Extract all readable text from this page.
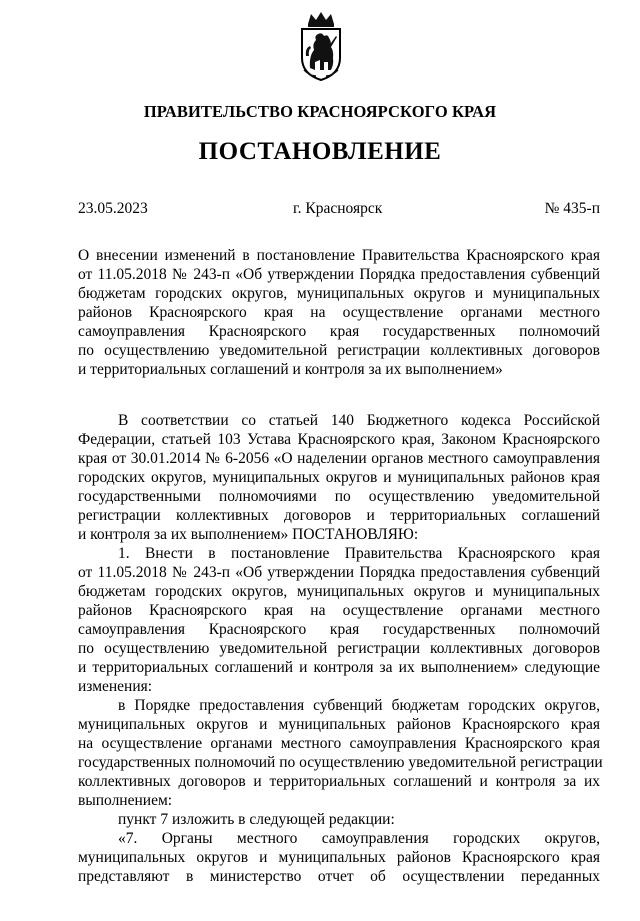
ПРАВИТЕЛЬСТВО КРАСНОЯРСКОГО КРАЯ
ПОСТАНОВЛЕНИЕ
23.05.2023	г. Красноярск	№ 435-п
О внесении изменений в постановление Правительства Красноярского края
от 11.05.2018 № 243-п «Об утверждении Порядка предоставления субвенций
бюджетам городских округов, муниципальных округов и муниципальных
районов Красноярского края на осуществление органами местного
самоуправления Красноярского края государственных полномочий
по осуществлению уведомительной регистрации коллективных договоров
и территориальных соглашений и контроля за их выполнением»
В соответствии со статьей 140 Бюджетного кодекса Российской
Федерации, статьей 103 Устава Красноярского края, Законом Красноярского
края от 30.01.2014 № 6-2056 «О наделении органов местного самоуправления
городских округов, муниципальных округов и муниципальных районов края
государственными полномочиями по осуществлению уведомительной
регистрации коллективных договоров и территориальных соглашений
и контроля за их выполнением» ПОСТАНОВЛЯЮ:
1. Внести в постановление Правительства Красноярского края
от 11.05.2018 № 243-п «Об утверждении Порядка предоставления субвенций
бюджетам городских округов, муниципальных округов и муниципальных
районов Красноярского края на осуществление органами местного
самоуправления Красноярского края государственных полномочий
по осуществлению уведомительной регистрации коллективных договоров
и территориальных соглашений и контроля за их выполнением» следующие
изменения:
в Порядке предоставления субвенций бюджетам городских округов,
муниципальных округов и муниципальных районов Красноярского края
на осуществление органами местного самоуправления Красноярского края
государственных полномочий по осуществлению уведомительной регистрации
коллективных договоров и территориальных соглашений и контроля за их
выполнением:
пункт 7 изложить в следующей редакции:
«7. Органы местного самоуправления городских округов,
муниципальных округов и муниципальных районов Красноярского края
представляют в министерство отчет об осуществлении переданных
